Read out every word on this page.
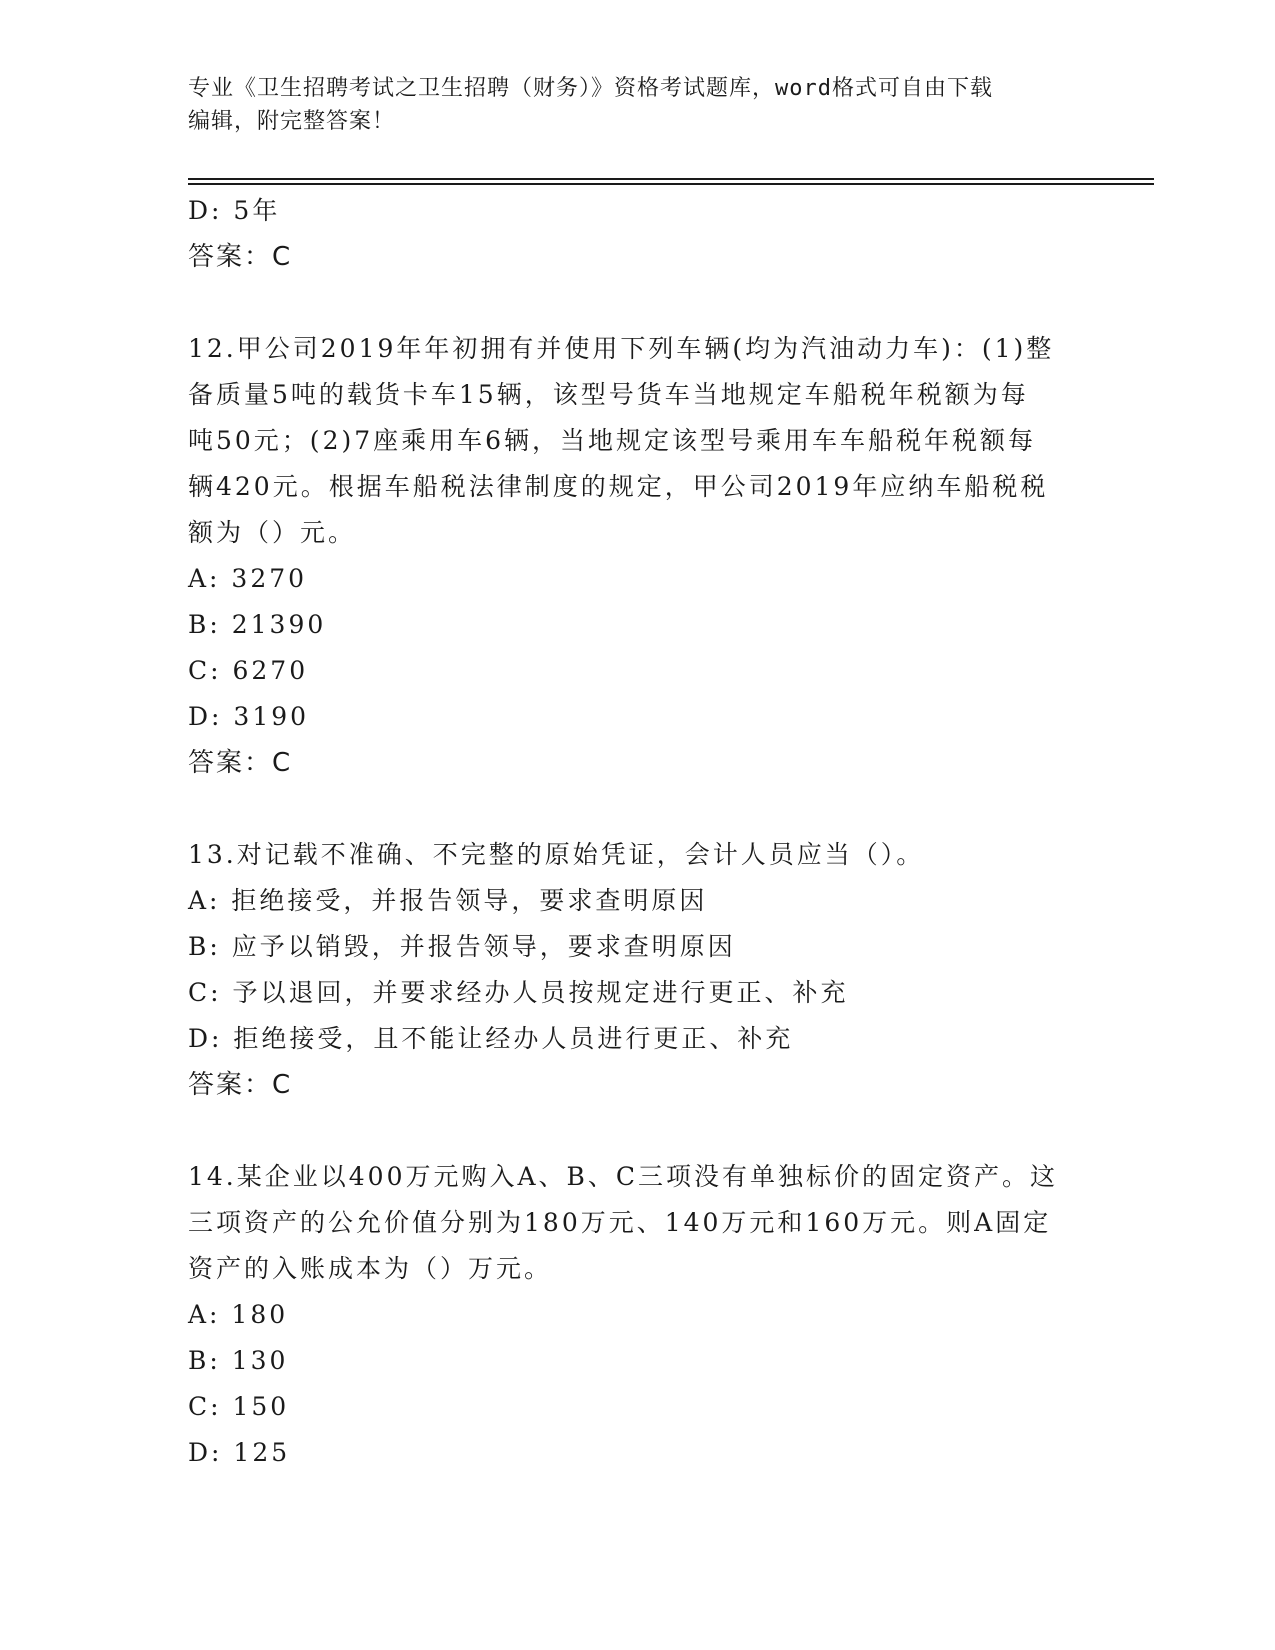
专业《卫生招聘考试之卫生招聘（财务）》资格考试题库，word格式可自由下载
编辑，附完整答案！
D: 5年
答案：C
12.甲公司2019年年初拥有并使用下列车辆(均为汽油动力车)：(1)整
备质量5吨的载货卡车15辆，该型号货车当地规定车船税年税额为每
吨50元；(2)7座乘用车6辆，当地规定该型号乘用车车船税年税额每
辆420元。根据车船税法律制度的规定，甲公司2019年应纳车船税税
额为（）元。
A: 3270
B: 21390
C: 6270
D: 3190
答案：C
13.对记载不准确、不完整的原始凭证，会计人员应当（）。
A: 拒绝接受，并报告领导，要求查明原因
B: 应予以销毁，并报告领导，要求查明原因
C: 予以退回，并要求经办人员按规定进行更正、补充
D: 拒绝接受，且不能让经办人员进行更正、补充
答案：C
14.某企业以400万元购入A、B、C三项没有单独标价的固定资产。这
三项资产的公允价值分别为180万元、140万元和160万元。则A固定
资产的入账成本为（）万元。
A: 180
B: 130
C: 150
D: 125
